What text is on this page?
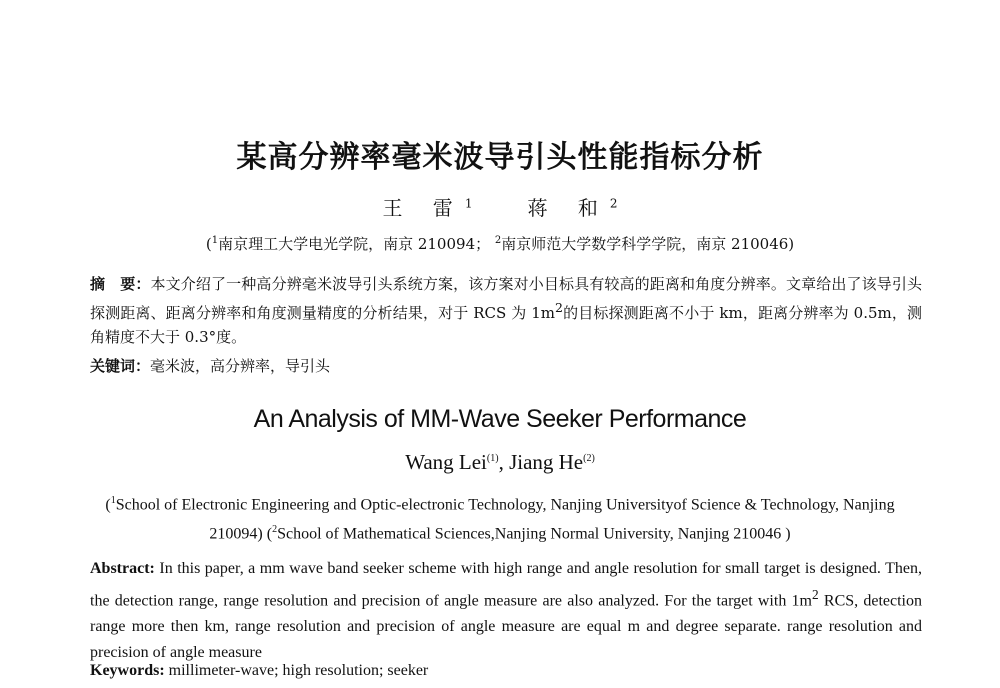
某高分辨率毫米波导引头性能指标分析
王 雷$^1$	蒋 和$^2$
($^1$南京理工大学电光学院，南京 210094； $^2$南京师范大学数学科学学院，南京 210046)
摘　要：本文介绍了一种高分辨毫米波导引头系统方案，该方案对小目标具有较高的距离和角度分辨率。文章给出了该导引头探测距离、距离分辨率和角度测量精度的分析结果，对于 RCS 为 $1m^2$的目标探测距离不小于 km，距离分辨率为 0.5m，测角精度不大于 0.3°度。
关键词：毫米波，高分辨率，导引头
An Analysis of MM-Wave Seeker Performance
Wang Lei$^{(1)}$, Jiang He$^{(2)}$
($^1$School of Electronic Engineering and Optic-electronic Technology, Nanjing Universityof Science & Technology, Nanjing 210094) ($^2$School of Mathematical Sciences,Nanjing Normal University, Nanjing 210046 )
Abstract: In this paper, a mm wave band seeker scheme with high range and angle resolution for small target is designed. Then, the detection range, range resolution and precision of angle measure are also analyzed. For the target with $1m^2$ RCS, detection range more then km, range resolution and precision of angle measure are equal m and degree separate. range resolution and precision of angle measure
Keywords: millimeter-wave; high resolution; seeker
